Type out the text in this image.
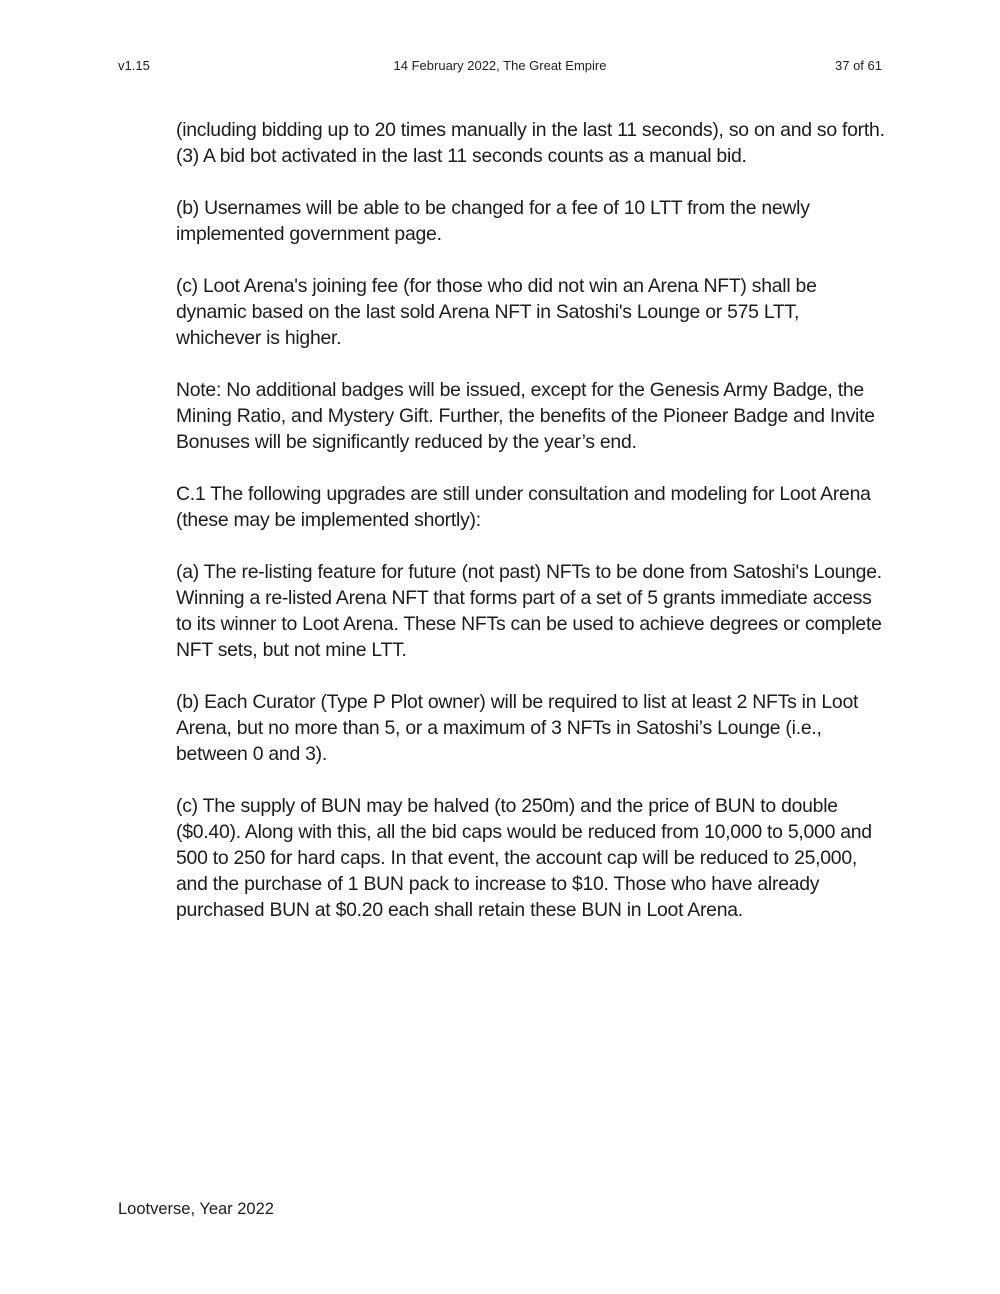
v1.15	14 February 2022, The Great Empire	37 of 61

(including bidding up to 20 times manually in the last 11 seconds), so on and so forth. (3) A bid bot activated in the last 11 seconds counts as a manual bid.

(b) Usernames will be able to be changed for a fee of 10 LTT from the newly implemented government page.

(c) Loot Arena's joining fee (for those who did not win an Arena NFT) shall be dynamic based on the last sold Arena NFT in Satoshi's Lounge or 575 LTT, whichever is higher.

Note: No additional badges will be issued, except for the Genesis Army Badge, the Mining Ratio, and Mystery Gift. Further, the benefits of the Pioneer Badge and Invite Bonuses will be significantly reduced by the year’s end.

C.1 The following upgrades are still under consultation and modeling for Loot Arena (these may be implemented shortly):

(a) The re-listing feature for future (not past) NFTs to be done from Satoshi's Lounge. Winning a re-listed Arena NFT that forms part of a set of 5 grants immediate access to its winner to Loot Arena. These NFTs can be used to achieve degrees or complete NFT sets, but not mine LTT.

(b) Each Curator (Type P Plot owner) will be required to list at least 2 NFTs in Loot Arena, but no more than 5, or a maximum of 3 NFTs in Satoshi’s Lounge (i.e., between 0 and 3).

(c) The supply of BUN may be halved (to 250m) and the price of BUN to double ($0.40). Along with this, all the bid caps would be reduced from 10,000 to 5,000 and 500 to 250 for hard caps. In that event, the account cap will be reduced to 25,000, and the purchase of 1 BUN pack to increase to $10. Those who have already purchased BUN at $0.20 each shall retain these BUN in Loot Arena.

Lootverse, Year 2022
